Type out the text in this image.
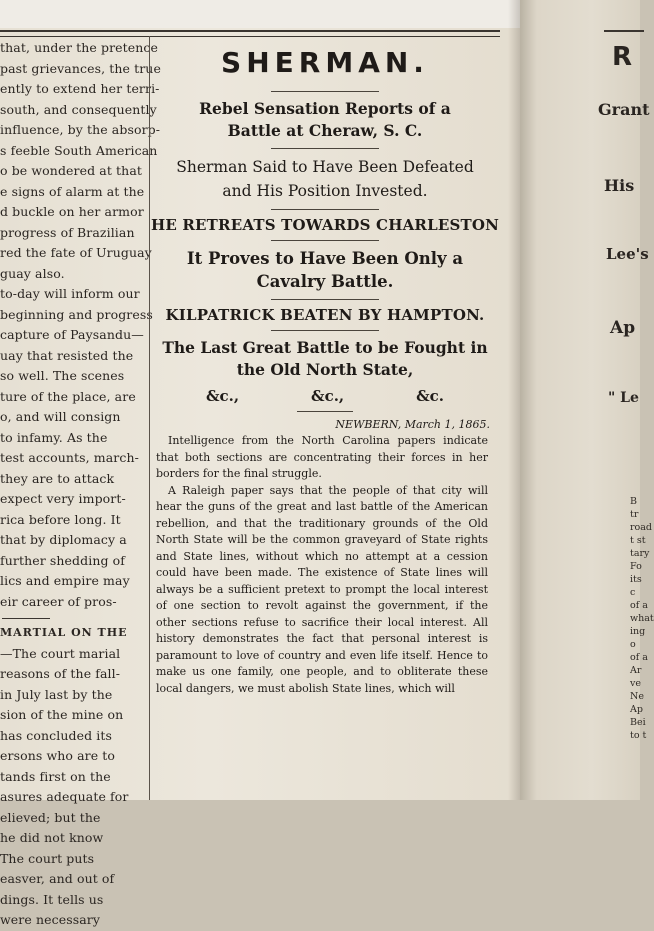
that, under the pretence
past grievances, the true
ently to extend her terri-
south, and consequently
influence, by the absorp-
s feeble South American
o be wondered at that
e signs of alarm at the
d buckle on her armor
progress of Brazilian
red the fate of Uruguay
guay also.
to-day will inform our
beginning and progress
capture of Paysandu—
uay that resisted the
so well. The scenes
ture of the place, are
o, and will consign
to infamy. As the
test accounts, march-
they are to attack
expect very import-
rica before long. It
that by diplomacy a
further shedding of
lics and empire may
eir career of pros-
MARTIAL ON THE
—The court marial
reasons of the fall-
in July last by the
sion of the mine on
has concluded its
ersons who are to
tands first on the
asures adequate for
elieved; but the
he did not know
The court puts
easver, and out of
dings. It tells us
were necessary
SHERMAN.
Rebel Sensation Reports of a
Battle at Cheraw, S. C.
Sherman Said to Have Been Defeated
and His Position Invested.
HE RETREATS TOWARDS CHARLESTON
It Proves to Have Been Only a
Cavalry Battle.
KILPATRICK BEATEN BY HAMPTON.
The Last Great Battle to be Fought in
the Old North State,
&c.,	&c.,	&c.
NEWBERN, March 1, 1865.

Intelligence from the North Carolina papers indicate that both sections are concentrating their forces in her borders for the final struggle.

A Raleigh paper says that the people of that city will hear the guns of the great and last battle of the American rebellion, and that the traditionary grounds of the Old North State will be the common graveyard of State rights and State lines, without which no attempt at a cession could have been made. The existence of State lines will always be a sufficient pretext to prompt the local interest of one section to revolt against the government, if the other sections refuse to sacrifice their local interest. All history demonstrates the fact that personal interest is paramount to love of country and even life itself. Hence to make us one family, one people, and to obliterate these local dangers, we must abolish State lines, which will

R
Grant
His
Lee's
Ap
" Le
B
tr
road
t st
tary
Fo
its c
of a
what
ing o
of a
Ar
ve
Ne
Ap
Bei
to t
